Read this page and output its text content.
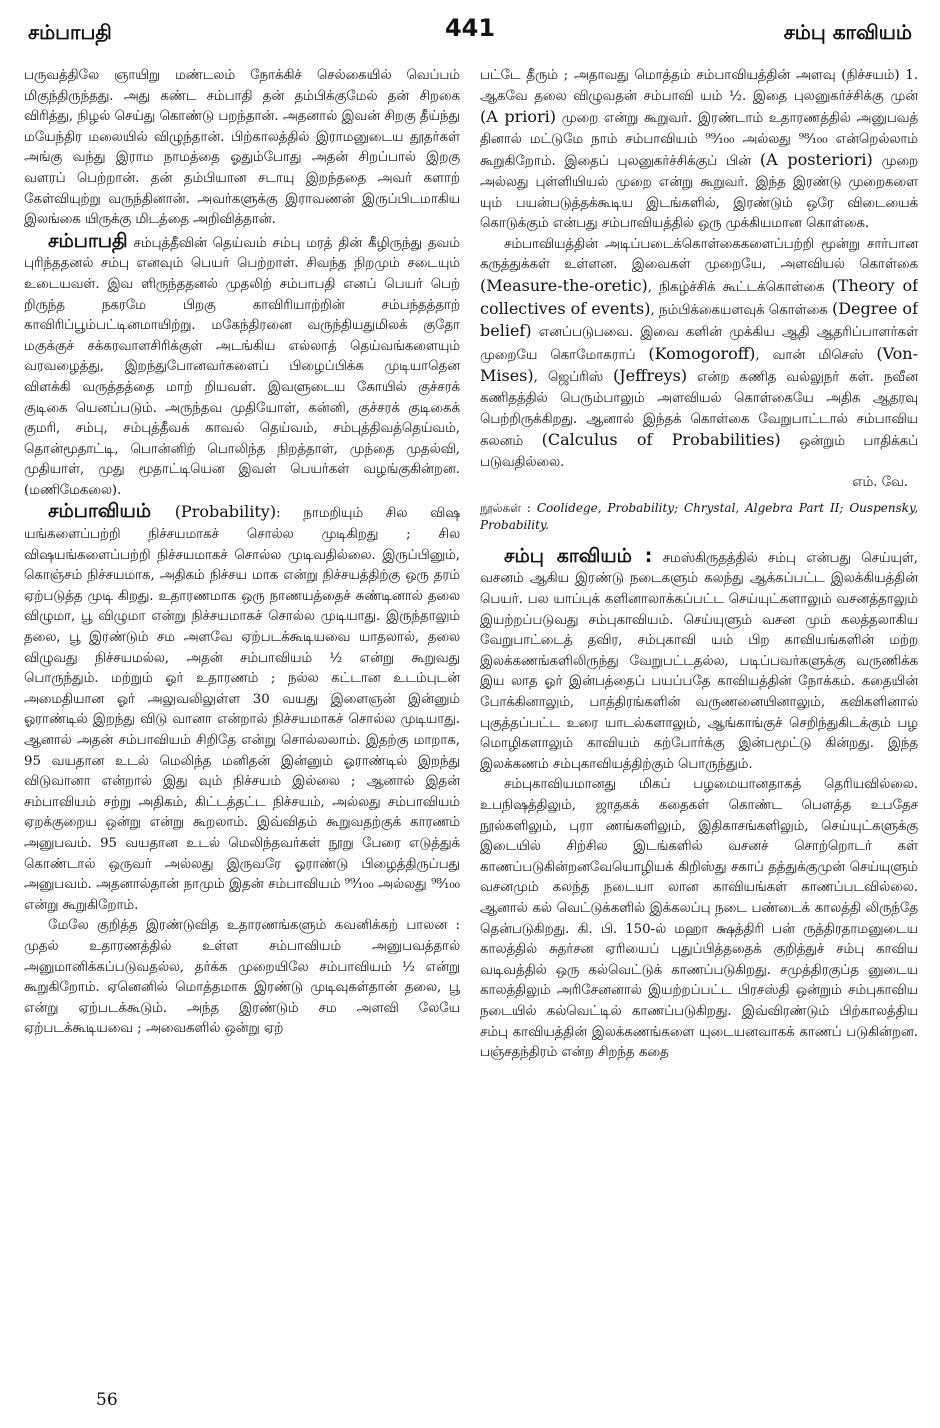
சம்பாபதி	441	சம்பு காவியம்

பருவத்திலே ஞாயிறு மண்டலம் நோக்கிச் செல்கையில் வெப்பம் மிகுந்திருந்தது. அது கண்ட சம்பாதி தன் தம்பிக்குமேல் தன் சிறகை விரித்து, நிழல் செய்து கொண்டு பறந்தான். அதனால் இவன் சிறகு தீய்ந்து மயேந்திர மலையில் விழுந்தான். பிற்காலத்தில் இராமனுடைய தூதர்கள் அங்கு வந்து இராம நாமத்தை ஓதும்போது அதன் சிறப்பால் இறகு வளரப் பெற்றான். தன் தம்பியான சடாயு இறந்ததை அவர் களாற் கேள்வியுற்று வருந்தினான். அவர்களுக்கு இராவணன் இருப்பிடமாகிய இலங்கை யிருக்கு மிடத்தை அறிவித்தான்.

சம்பாபதி சம்புத்தீவின் தெய்வம் சம்பு மரத் தின் கீழிருந்து தவம் புரிந்ததனல் சம்பு எனவும் பெயர் பெற்றாள். சிவந்த நிறமும் சடையும் உடையவள். இவ ளிருந்ததனல் முதலிற் சம்பாபதி எனப் பெயர் பெற் றிருந்த நகரமே பிறகு காவிரியாற்றின் சம்பந்தத்தாற் காவிரிப்பூம்பட்டினமாயிற்று. மகேந்திரனை வருந்தியதுமிலக் குதோ மகுக்குச் சக்கரவாளசிரிக்குள் அடங்கிய எல்லாத் தெய்வங்களையும் வரவழைத்து, இறந்துபோனவர்களைப் பிழைப்பிக்க முடியாதென விளக்கி வருத்தத்தை மாற் றியவள். இவளுடைய கோயில் குச்சரக் குடிகை யெனப்படும். அருந்தவ முதியோள், கன்னி, குச்சரக் குடிகைக் குமரி, சம்பு, சம்புத்தீவக் காவல் தெய்வம், சம்புத்திவத்தெய்வம், தொன்மூதாட்டி, பொன்னிற் பொலிந்த நிறத்தாள், முந்தை முதல்வி, முதியாள், முது மூதாட்டியென இவள் பெயர்கள் வழங்குகின்றன. (மணிமேகலை).

சம்பாவியம் (Probability): நாமறியும் சில விஷ யங்களைப்பற்றி நிச்சயமாகச் சொல்ல முடிகிறது ; சில விஷயங்களைப்பற்றி நிச்சயமாகச் சொல்ல முடிவதில்லை. இருப்பினும், கொஞ்சம் நிச்சயமாக, அதிகம் நிச்சய மாக என்று நிச்சயத்திற்கு ஒரு தரம் ஏற்படுத்த முடி கிறது. உதாரணமாக ஒரு நாணயத்தைச் சுண்டினால் தலை விழுமா, பூ விழுமா என்று நிச்சயமாகச் சொல்ல முடியாது. இருந்தாலும் தலை, பூ இரண்டும் சம அளவே ஏற்படக்கூடியவை யாதலால், தலை விழுவது நிச்சயமல்ல, அதன் சம்பாவியம் ½ என்று கூறுவது பொருந்தும். மற்றும் ஓர் உதாரணம் ; நல்ல கட்டான உடம்புடன் அமைதியான ஓர் அலுவலிலுள்ள 30 வயது இளைஞன் இன்னும் ஓராண்டில் இறந்து விடு வானா என்றால் நிச்சயமாகச் சொல்ல முடியாது. ஆனால் அதன் சம்பாவியம் சிறிதே என்று சொல்லலாம். இதற்கு மாறாக, 95 வயதான உடல் மெலிந்த மனிதன் இன்னும் ஓராண்டில் இறந்து விடுவானா என்றால் இது வும் நிச்சயம் இல்லை ; ஆனால் இதன் சம்பாவியம் சற்று அதிகம், கிட்டத்தட்ட நிச்சயம், அல்லது சம்பாவியம் ஏறக்குறைய ஒன்று என்று கூறலாம். இவ்விதம் கூறுவதற்குக் காரணம் அனுபவம். 95 வயதான உடல் மெலிந்தவர்கள் நூறு பேரை எடுத்துக் கொண்டால் ஒருவர் அல்லது இருவரே ஓராண்டு பிழைத்திருப்பது அனுபவம். அதனால்தான் நாமும் இதன் சம்பாவியம் ⁹⁹⁄₁₀₀ அல்லது ⁹⁸⁄₁₀₀ என்று கூறுகிறோம்.

மேலே குறித்த இரண்டுவித உதாரணங்களும் கவனிக்கற் பாலன : முதல் உதாரணத்தில் உள்ள சம்பாவியம் அனுபவத்தால் அனுமானிக்கப்படுவதல்ல, தர்க்க முறையிலே சம்பாவியம் ½ என்று கூறுகிறோம். ஏனெனில் மொத்தமாக இரண்டு முடிவுகள்தான் தலை, பூ என்று ஏற்படக்கூடும். அந்த இரண்டும் சம அளவி லேயே ஏற்படக்கூடியவை ; அவைகளில் ஒன்று ஏற்

பட்டே தீரும் ; அதாவது மொத்தம் சம்பாவியத்தின் அளவு (நிச்சயம்) 1. ஆகவே தலை விழுவதன் சம்பாவி யம் ½. இதை புலனுகர்ச்சிக்கு முன் (A priori) முறை என்று கூறுவர். இரண்டாம் உதாரணத்தில் அனுபவத் தினால் மட்டுமே நாம் சம்பாவியம் ⁹⁹⁄₁₀₀ அல்லது ⁹⁸⁄₁₀₀ என்றெல்லாம் கூறுகிறோம். இதைப் புலனுகர்ச்சிக்குப் பின் (A posteriori) முறை அல்லது புள்ளியியல் முறை என்று கூறுவர். இந்த இரண்டு முறைகளை யும் பயன்படுத்தக்கூடிய இடங்களில், இரண்டும் ஒரே விடையைக் கொடுக்கும் என்பது சம்பாவியத்தில் ஒரு முக்கியமான கொள்கை.

சம்பாவியத்தின் அடிப்படைக்கொள்கைகளைப்பற்றி மூன்று சார்பான கருத்துக்கள் உள்ளன. இவைகள் முறையே, அளவியல் கொள்கை (Measure-the-oretic), நிகழ்ச்சிக் கூட்டக்கொள்கை (Theory of collectives of events), நம்பிக்கையளவுக் கொள்கை (Degree of belief) எனப்படுபவை. இவை களின் முக்கிய ஆதி ஆதரிப்பாளர்கள் முறையே கொமோகராப் (Komogoroff), வான் மிசெஸ் (Von-Mises), ஜெப்ரிஸ் (Jeffreys) என்ற கணித வல்லுநர் கள். நவீன கணிதத்தில் பெரும்பாலும் அளவியல் கொள்கையே அதிக ஆதரவு பெற்றிருக்கிறது. ஆனால் இந்தக் கொள்கை வேறுபாட்டால் சம்பாவிய கலனம் (Calculus of Probabilities) ஒன்றும் பாதிக்கப் படுவதில்லை.

எம். வே.

நூல்கள் : Coolidege, Probability; Chrystal, Algebra Part II; Ouspensky, Probability.

சம்பு காவியம் : சமஸ்கிருதத்தில் சம்பு என்பது செய்யுள், வசனம் ஆகிய இரண்டு நடைகளும் கலந்து ஆக்கப்பட்ட இலக்கியத்தின் பெயர். பல யாப்புக் களினாலாக்கப்பட்ட செய்யுட்களாலும் வசனத்தாலும் இயற்றப்படுவது சம்புகாவியம். செய்யுளும் வசன மும் கலத்தலாகிய வேறுபாட்டைத் தவிர, சம்புகாவி யம் பிற காவியங்களின் மற்ற இலக்கணங்களிலிருந்து வேறுபட்டதல்ல, படிப்பவர்களுக்கு வருணிக்க இய லாத ஓர் இன்பத்தைப் பயப்பதே காவியத்தின் நோக்கம். கதையின் போக்கினாலும், பாத்திரங்களின் வருணனையினாலும், கவிகளினால் புகுத்தப்பட்ட உரை யாடல்களாலும், ஆங்காங்குச் செறிந்துகிடக்கும் பழ மொழிகளாலும் காவியம் கற்போர்க்கு இன்பமூட்டு கின்றது. இந்த இலக்கணம் சம்புகாவியத்திற்கும் பொருந்தும்.

சம்புகாவியமானது மிகப் பழமையானதாகத் தெரியவில்லை. உபநிஷத்திலும், ஜாதகக் கதைகள் கொண்ட பௌத்த உபதேச நூல்களிலும், புரா ணங்களிலும், இதிகாசங்களிலும், செய்யுட்களுக்கு இடையில் சிற்சில இடங்களில் வசனச் சொற்றொடர் கள் காணப்படுகின்றனவேயொழியக் கிறிஸ்து சகாப் தத்துக்குமுன் செய்யுளும் வசனமும் கலந்த நடையா லான காவியங்கள் காணப்படவில்லை. ஆனால் கல் வெட்டுக்களில் இக்கலப்பு நடை பண்டைக் காலத்தி லிருந்தே தென்படுகிறது. கி. பி. 150-ல் மஹா க்ஷத்திரி பன் ருத்திரதாமனுடைய காலத்தில் சுதர்சன ஏரியைப் புதுப்பித்ததைக் குறித்துச் சம்பு காவிய வடிவத்தில் ஒரு கல்வெட்டுக் காணப்படுகிறது. சமுத்திரகுப்த னுடைய காலத்திலும் அரிசேனனால் இயற்றப்பட்ட பிரசஸ்தி ஒன்றும் சம்புகாவிய நடையில் கல்வெட்டில் காணப்படுகிறது. இவ்விரண்டும் பிற்காலத்திய சம்பு காவியத்தின் இலக்கணங்களை யுடையனவாகக் காணப் படுகின்றன. பஞ்சதந்திரம் என்ற சிறந்த கதை

56
